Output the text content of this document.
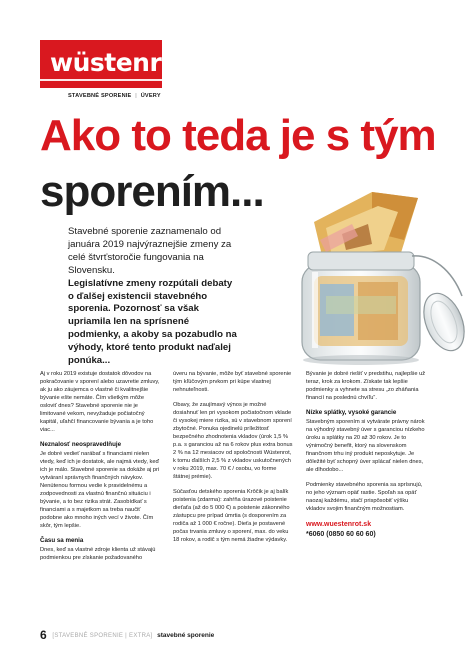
wüstenrot
STAVEBNÉ SPORENIE | ÚVERY
Ako to teda je s tým
sporením...

Stavebné sporenie zaznamenalo od januára 2019 najvýraznejšie zmeny za celé štvrťstoročie fungovania na Slovensku.
Legislatívne zmeny rozpútali debaty o ďalšej existencii stavebného sporenia. Pozornosť sa však upriamila len na sprísnené podmienky, a akoby sa pozabudlo na výhody, ktoré tento produkt naďalej ponúka...

Aj v roku 2019 existuje dostatok dôvodov na pokračovanie v sporení alebo uzavretie zmluvy, ak ju ako záujemca o vlastné či kvalitnejšie bývanie ešte nemáte. Čím všetkým môže osloviť dnes? Stavebné sporenie nie je limitované vekom, nevyžaduje počiatočný kapitál, uľahčí financovanie bývania a je toho viac...

Neznalosť neospravedlňuje

Je dobré vedieť narábať s financiami nielen vtedy, keď ich je dostatok, ale najmä vtedy, keď ich je málo. Stavebné sporenie sa dokáže aj pri vytváraní správnych finančných návykov. Nenútenou formou vedie k pravidelnému a zodpovednosti za vlastnú finančnú situáciu i bývanie, a to bez rizika strát. Zasobídkať s financiami a s majetkom sa treba naučiť podobne ako mnoho iných vecí v živote. Čím skôr, tým lepšie.

Času sa menia

Dnes, keď sa vlastné zdroje klienta už stávajú podmienkou pre získanie požadovaného

úveru na bývanie, môže byť stavebné sporenie tým kľúčovým prvkom pri kúpe vlastnej nehnuteľnosti.

Obavy, že zaujímavý výnos je možné dosiahnuť len pri vysokom počiatočnom vklade či vysokej miere rizika, sú v stavebnom sporení zbytočné. Ponuka ojedinelú príležitosť bezpečného zhodnotenia vkladov (úrok 1,5 % p.a. s garanciou až na 6 rokov plus extra bonus 2 % na 12 mesiacov od spoločnosti Wüstenrot, k tomu ďalších 2,5 % z vkladov uskutočnených v roku 2019, max. 70 € / osobu, vo forme štátnej prémie).

Súčasťou detského sporenia Krôčik je aj balík poistenia (zdarma): zahŕňa úrazové poistenie dieťaťa (až do 5 000 €) a poistenie zákonného zástupcu pre prípad úmrtia (s dosporením za rodiča až 1 000 € ročne). Dieťa je postavené počas trvania zmluvy o sporení, max. do veku 18 rokov, a rodič s tým nemá žiadne výdavky.

Bývanie je dobré riešiť v predstihu, najlepšie už teraz, krok za krokom. Získate tak lepšie podmienky a vyhnete sa stresu „zo zháňania financií na poslednú chvíľu“.

Nízke splátky, vysoké garancie

Stavebným sporením si vytvárate právny nárok na výhodný stavebný úver s garanciou nízkeho úroku a splátky na 20 až 30 rokov. Je to výnimočný benefit, ktorý na slovenskom finančnom trhu iný produkt neposkytuje. Je dôležité byť schopný úver splácať nielen dnes, ale dlhodobo...

Podmienky stavebného sporenia sa sprísnujú, no jeho význam opäť rastie. Spoľah sa opäť naozaj každému, stačí prispôsobiť výšku vkladov svojim finančným možnostiam.

www.wuestenrot.sk
*6060 (0850 60 60 60)
6 [STAVEBNÉ SPORENIE | EXTRA] stavebné sporenie
